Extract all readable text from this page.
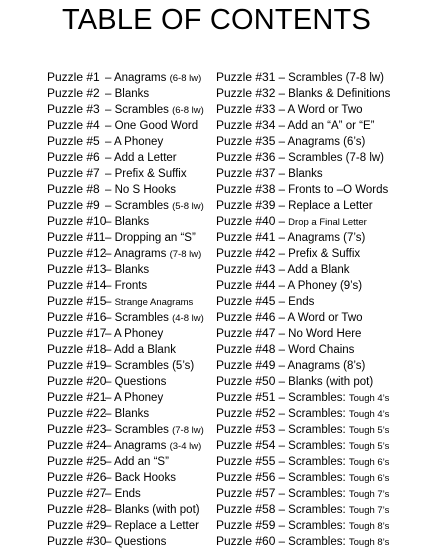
TABLE OF CONTENTS
Puzzle #1 – Anagrams (6-8 lw)
Puzzle #2 – Blanks
Puzzle #3 – Scrambles (6-8 lw)
Puzzle #4 – One Good Word
Puzzle #5 – A Phoney
Puzzle #6 – Add a Letter
Puzzle #7 – Prefix & Suffix
Puzzle #8 – No S Hooks
Puzzle #9 – Scrambles (5-8 lw)
Puzzle #10– Blanks
Puzzle #11– Dropping an “S”
Puzzle #12– Anagrams (7-8 lw)
Puzzle #13– Blanks
Puzzle #14– Fronts
Puzzle #15– Strange Anagrams
Puzzle #16– Scrambles (4-8 lw)
Puzzle #17– A Phoney
Puzzle #18– Add a Blank
Puzzle #19– Scrambles (5’s)
Puzzle #20– Questions
Puzzle #21– A Phoney
Puzzle #22– Blanks
Puzzle #23– Scrambles (7-8 lw)
Puzzle #24– Anagrams (3-4 lw)
Puzzle #25– Add an “S”
Puzzle #26– Back Hooks
Puzzle #27– Ends
Puzzle #28– Blanks (with pot)
Puzzle #29– Replace a Letter
Puzzle #30– Questions
Puzzle #31 – Scrambles (7-8 lw)
Puzzle #32 – Blanks & Definitions
Puzzle #33 – A Word or Two
Puzzle #34 – Add an “A” or “E”
Puzzle #35 – Anagrams (6’s)
Puzzle #36 – Scrambles (7-8 lw)
Puzzle #37 – Blanks
Puzzle #38 – Fronts to –O Words
Puzzle #39 – Replace a Letter
Puzzle #40 – Drop a Final Letter
Puzzle #41 – Anagrams (7’s)
Puzzle #42 – Prefix & Suffix
Puzzle #43 – Add a Blank
Puzzle #44 – A Phoney (9’s)
Puzzle #45 – Ends
Puzzle #46 – A Word or Two
Puzzle #47 – No Word Here
Puzzle #48 – Word Chains
Puzzle #49 – Anagrams (8’s)
Puzzle #50 – Blanks (with pot)
Puzzle #51 – Scrambles: Tough 4’s
Puzzle #52 – Scrambles: Tough 4’s
Puzzle #53 – Scrambles: Tough 5’s
Puzzle #54 – Scrambles: Tough 5’s
Puzzle #55 – Scrambles: Tough 6’s
Puzzle #56 – Scrambles: Tough 6’s
Puzzle #57 – Scrambles: Tough 7’s
Puzzle #58 – Scrambles: Tough 7’s
Puzzle #59 – Scrambles: Tough 8’s
Puzzle #60 – Scrambles: Tough 8’s
